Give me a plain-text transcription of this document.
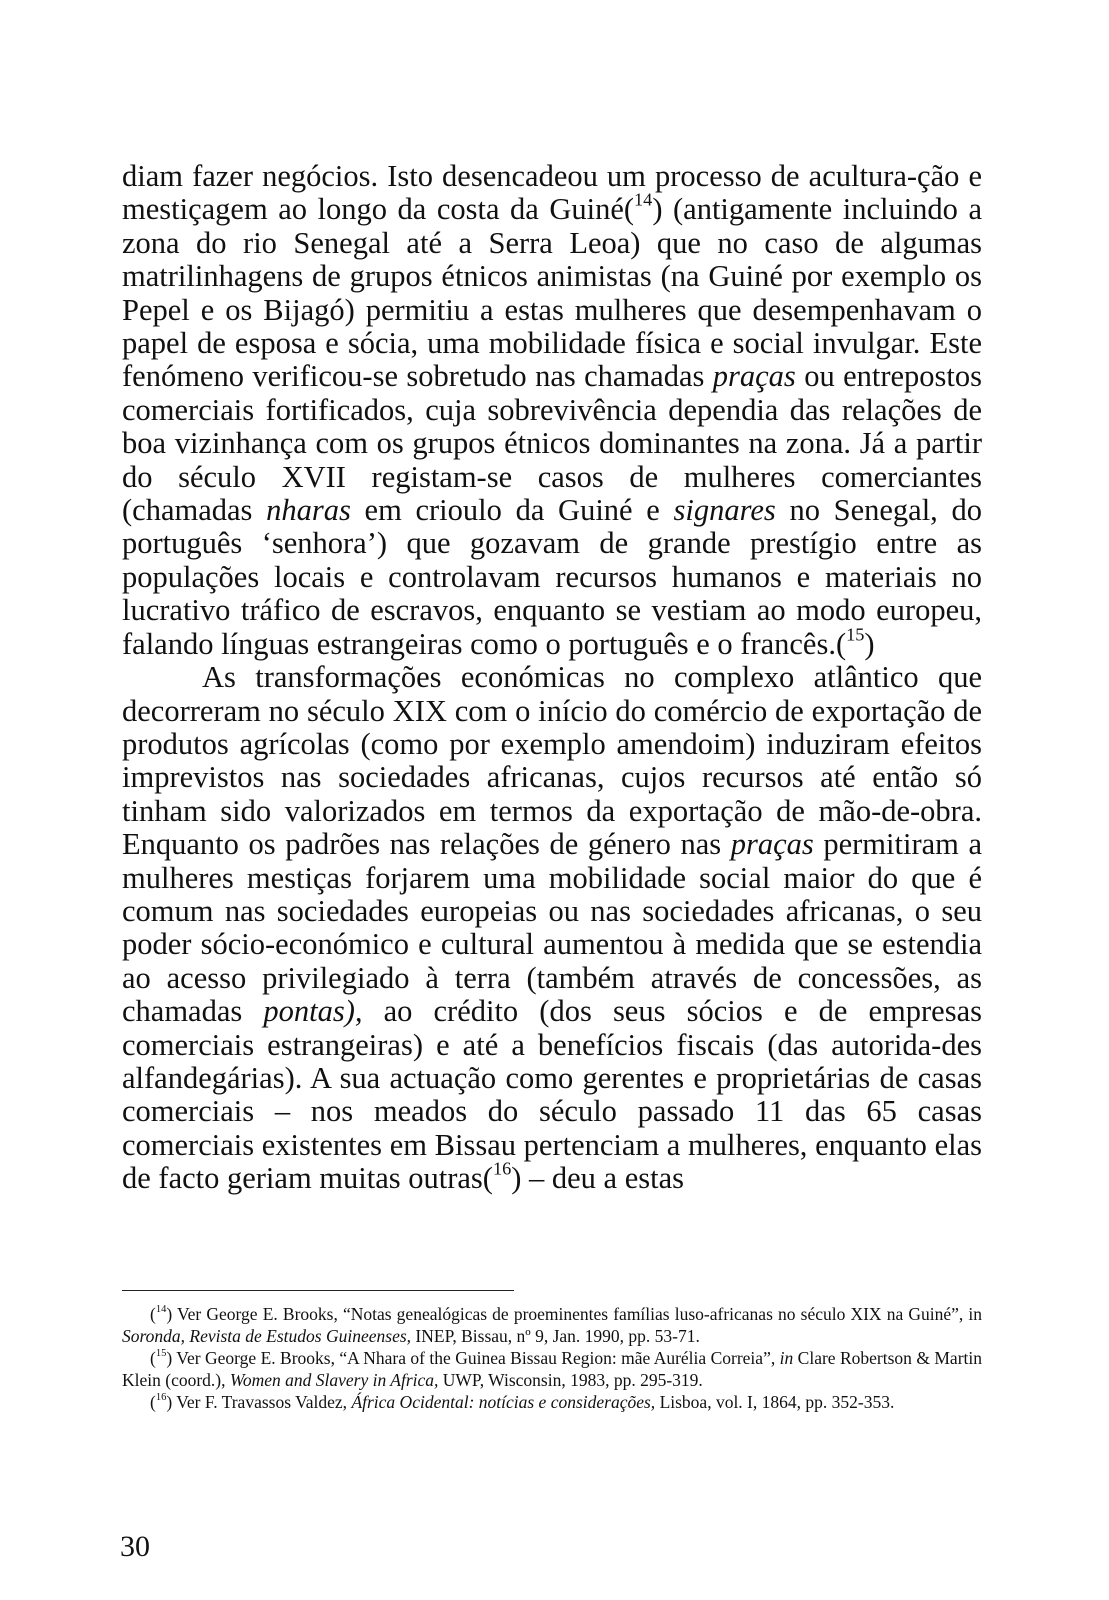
diam fazer negócios. Isto desencadeou um processo de acultura-ção e mestiçagem ao longo da costa da Guiné($^{14}$) (antigamente incluindo a zona do rio Senegal até a Serra Leoa) que no caso de algumas matrilinhagens de grupos étnicos animistas (na Guiné por exemplo os Pepel e os Bijagó) permitiu a estas mulheres que desempenhavam o papel de esposa e sócia, uma mobilidade física e social invulgar. Este fenómeno verificou-se sobretudo nas chamadas praças ou entrepostos comerciais fortificados, cuja sobrevivência dependia das relações de boa vizinhança com os grupos étnicos dominantes na zona. Já a partir do século XVII registam-se casos de mulheres comerciantes (chamadas nharas em crioulo da Guiné e signares no Senegal, do português ‘senhora’) que gozavam de grande prestígio entre as populações locais e controlavam recursos humanos e materiais no lucrativo tráfico de escravos, enquanto se vestiam ao modo europeu, falando línguas estrangeiras como o português e o francês.($^{15}$)

As transformações económicas no complexo atlântico que decorreram no século XIX com o início do comércio de exportação de produtos agrícolas (como por exemplo amendoim) induziram efeitos imprevistos nas sociedades africanas, cujos recursos até então só tinham sido valorizados em termos da exportação de mão-de-obra. Enquanto os padrões nas relações de género nas praças permitiram a mulheres mestiças forjarem uma mobilidade social maior do que é comum nas sociedades europeias ou nas sociedades africanas, o seu poder sócio-económico e cultural aumentou à medida que se estendia ao acesso privilegiado à terra (também através de concessões, as chamadas pontas), ao crédito (dos seus sócios e de empresas comerciais estrangeiras) e até a benefícios fiscais (das autorida-des alfandegárias). A sua actuação como gerentes e proprietárias de casas comerciais – nos meados do século passado 11 das 65 casas comerciais existentes em Bissau pertenciam a mulheres, enquanto elas de facto geriam muitas outras($^{16}$) – deu a estas

($^{14}$) Ver George E. Brooks, “Notas genealógicas de proeminentes famílias luso-africanas no século XIX na Guiné”, in Soronda, Revista de Estudos Guineenses, INEP, Bissau, nº 9, Jan. 1990, pp. 53-71.

($^{15}$) Ver George E. Brooks, “A Nhara of the Guinea Bissau Region: mãe Aurélia Correia”, in Clare Robertson & Martin Klein (coord.), Women and Slavery in Africa, UWP, Wisconsin, 1983, pp. 295-319.

($^{16}$) Ver F. Travassos Valdez, África Ocidental: notícias e considerações, Lisboa, vol. I, 1864, pp. 352-353.

30
